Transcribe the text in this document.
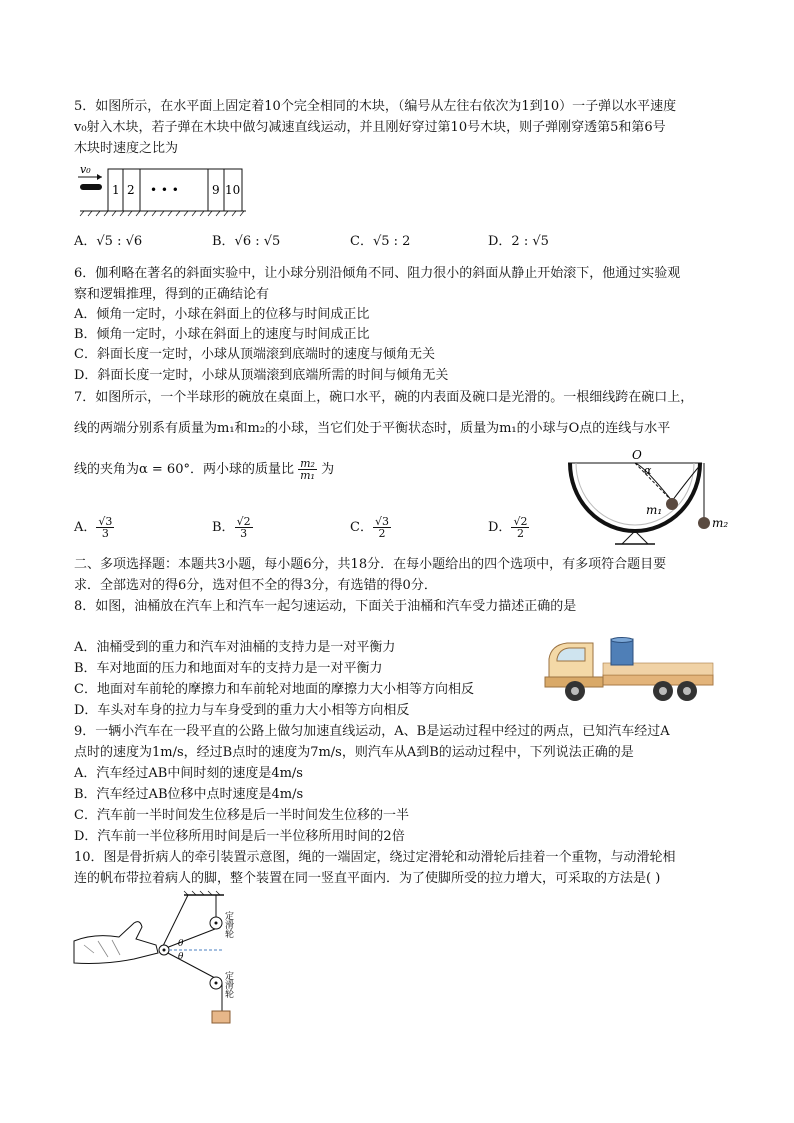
5．如图所示，在水平面上固定着10个完全相同的木块，（编号从左往右依次为1到10）一子弹以水平速度
v₀射入木块，若子弹在木块中做匀减速直线运动，并且刚好穿过第10号木块，则子弹刚穿透第5和第6号
木块时速度之比为
v₀
1 2 • • •	9 10
A．√5 : √6	B．√6 : √5	C．√5 : 2	D．2 : √5
6．伽利略在著名的斜面实验中，让小球分别沿倾角不同、阻力很小的斜面从静止开始滚下，他通过实验观
察和逻辑推理，得到的正确结论有
A．倾角一定时，小球在斜面上的位移与时间成正比
B．倾角一定时，小球在斜面上的速度与时间成正比
C．斜面长度一定时，小球从顶端滚到底端时的速度与倾角无关
D．斜面长度一定时，小球从顶端滚到底端所需的时间与倾角无关
7．如图所示，一个半球形的碗放在桌面上，碗口水平，碗的内表面及碗口是光滑的。一根细线跨在碗口上，
线的两端分别系有质量为m₁和m₂的小球，当它们处于平衡状态时，质量为m₁的小球与O点的连线与水平
线的夹角为α = 60°．两小球的质量比 $\frac{\text{m₂}}{\text{m₁}}$ 为
O
α
m₁
m₂
A． $\frac{√3}{3}$	B． $\frac{√2}{3}$	C． $\frac{√3}{2}$	D． $\frac{√2}{2}$
二、多项选择题：本题共3小题，每小题6分，共18分．在每小题给出的四个选项中，有多项符合题目要
求．全部选对的得6分，选对但不全的得3分，有选错的得0分．
8．如图，油桶放在汽车上和汽车一起匀速运动，下面关于油桶和汽车受力描述正确的是
A．油桶受到的重力和汽车对油桶的支持力是一对平衡力
B．车对地面的压力和地面对车的支持力是一对平衡力
C．地面对车前轮的摩擦力和车前轮对地面的摩擦力大小相等方向相反
D．车头对车身的拉力与车身受到的重力大小相等方向相反
9．一辆小汽车在一段平直的公路上做匀加速直线运动，A、B是运动过程中经过的两点，已知汽车经过A
点时的速度为1m/s，经过B点时的速度为7m/s，则汽车从A到B的运动过程中，下列说法正确的是
A．汽车经过AB中间时刻的速度是4m/s
B．汽车经过AB位移中点时速度是4m/s
C．汽车前一半时间发生位移是后一半时间发生位移的一半
D．汽车前一半位移所用时间是后一半位移所用时间的2倍
10．图是骨折病人的牵引装置示意图，绳的一端固定，绕过定滑轮和动滑轮后挂着一个重物，与动滑轮相
连的帆布带拉着病人的脚，整个装置在同一竖直平面内．为了使脚所受的拉力增大，可采取的方法是( )
θ
θ
定滑轮
定滑轮
